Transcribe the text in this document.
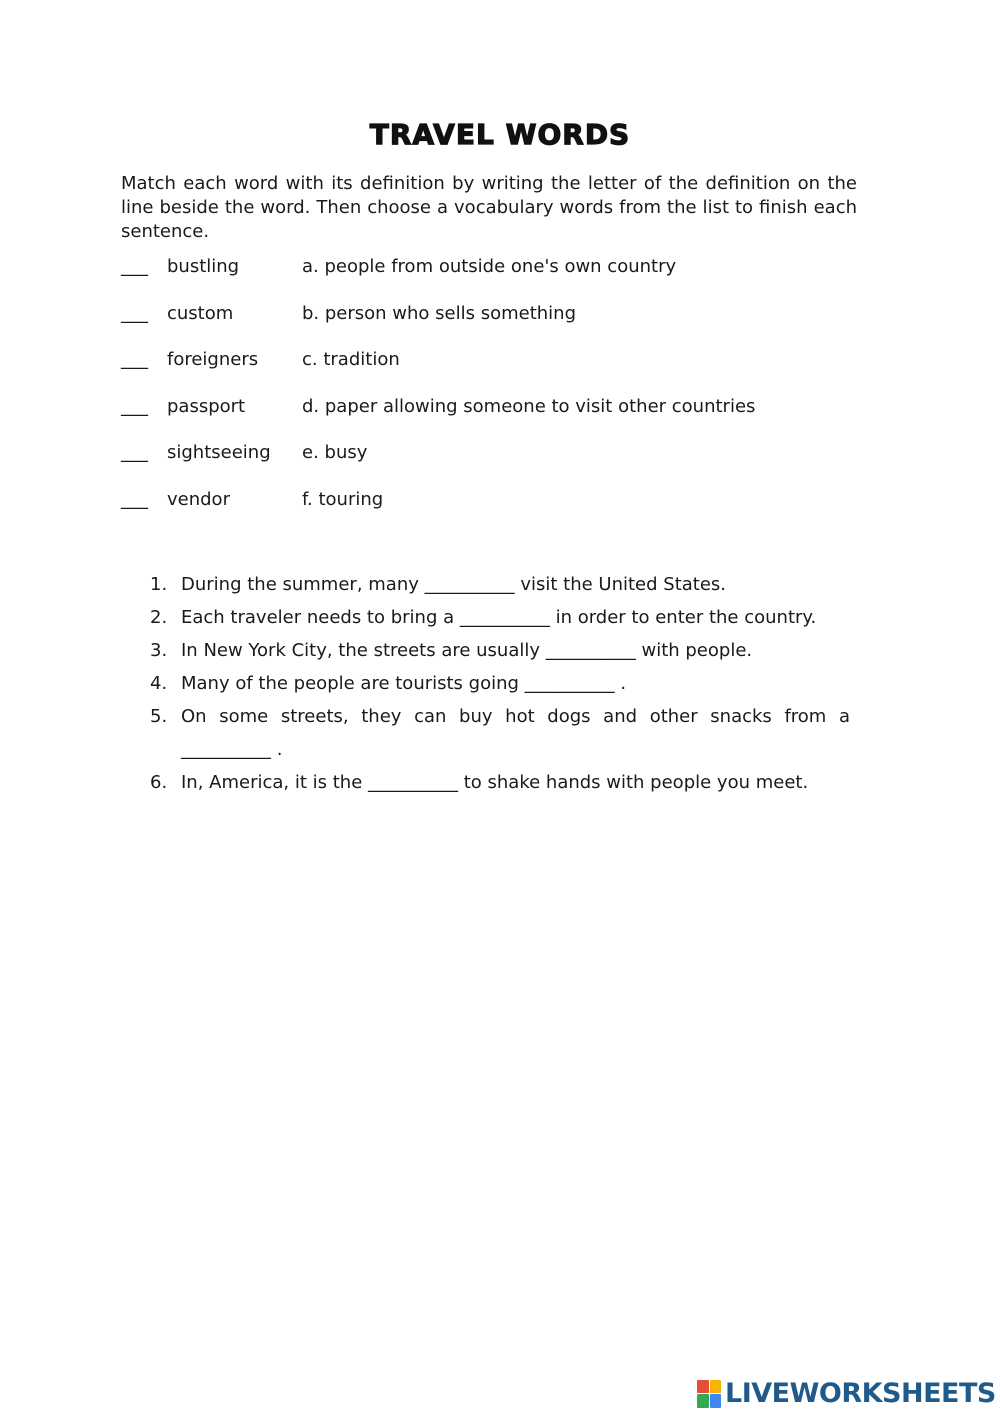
TRAVEL WORDS

Match each word with its definition by writing the letter of the definition on the line beside the word. Then choose a vocabulary words from the list to finish each sentence.

___	bustling	a. people from outside one's own country
___	custom	b. person who sells something
___	foreigners	c. tradition
___	passport	d. paper allowing someone to visit other countries
___	sightseeing	e. busy
___	vendor	f. touring
1. During the summer, many __________ visit the United States.
2. Each traveler needs to bring a __________ in order to enter the country.
3. In New York City, the streets are usually __________ with people.
4. Many of the people are tourists going __________ .
5. On some streets, they can buy hot dogs and other snacks from a __________ .
6. In, America, it is the __________ to shake hands with people you meet.
LIVEWORKSHEETS
